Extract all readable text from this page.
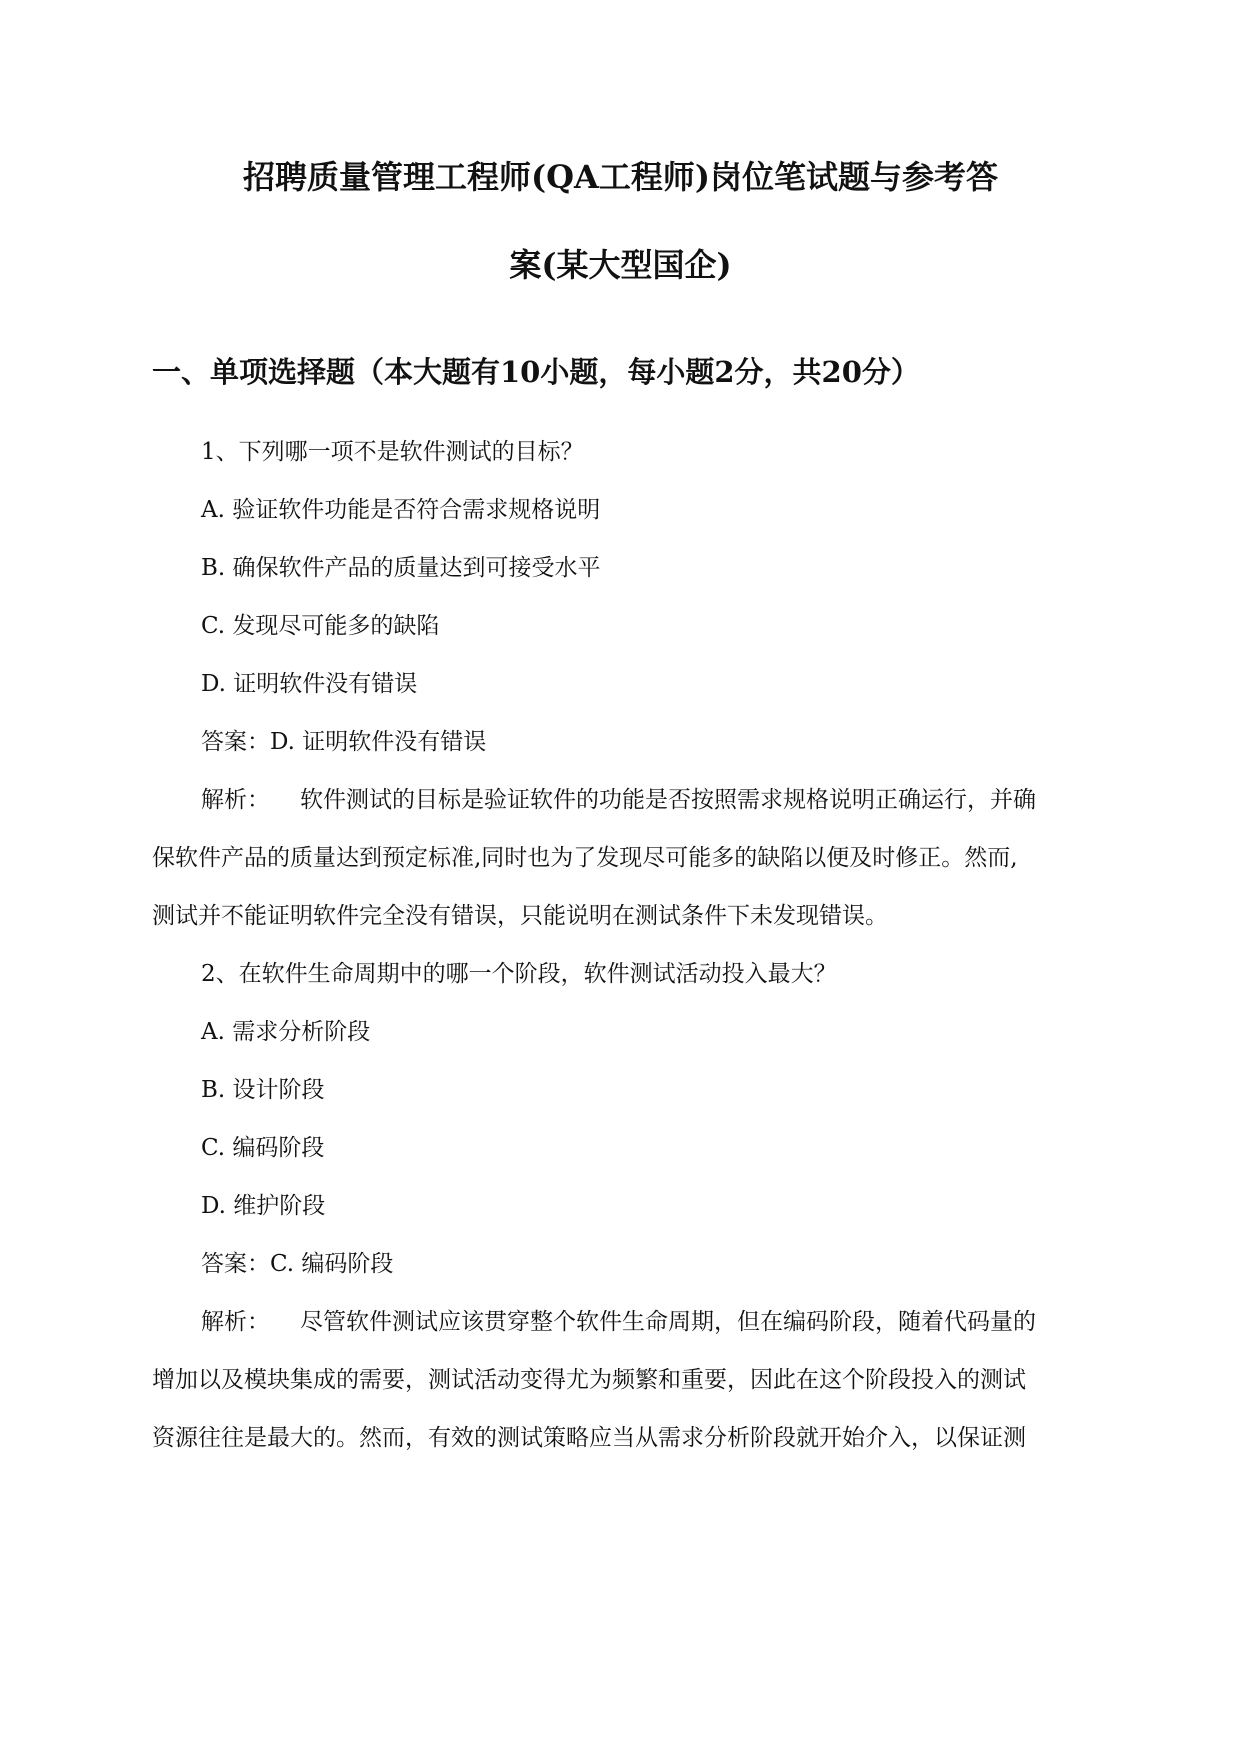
招聘质量管理工程师(QA工程师)岗位笔试题与参考答
案(某大型国企)
一、单项选择题（本大题有10小题，每小题2分，共20分）
1、下列哪一项不是软件测试的目标？
A. 验证软件功能是否符合需求规格说明
B. 确保软件产品的质量达到可接受水平
C. 发现尽可能多的缺陷
D. 证明软件没有错误
答案：D. 证明软件没有错误
解析： 软件测试的目标是验证软件的功能是否按照需求规格说明正确运行，并确
保软件产品的质量达到预定标准,同时也为了发现尽可能多的缺陷以便及时修正。然而,
测试并不能证明软件完全没有错误，只能说明在测试条件下未发现错误。
2、在软件生命周期中的哪一个阶段，软件测试活动投入最大？
A. 需求分析阶段
B. 设计阶段
C. 编码阶段
D. 维护阶段
答案：C. 编码阶段
解析： 尽管软件测试应该贯穿整个软件生命周期，但在编码阶段，随着代码量的
增加以及模块集成的需要，测试活动变得尤为频繁和重要，因此在这个阶段投入的测试
资源往往是最大的。然而，有效的测试策略应当从需求分析阶段就开始介入，以保证测
